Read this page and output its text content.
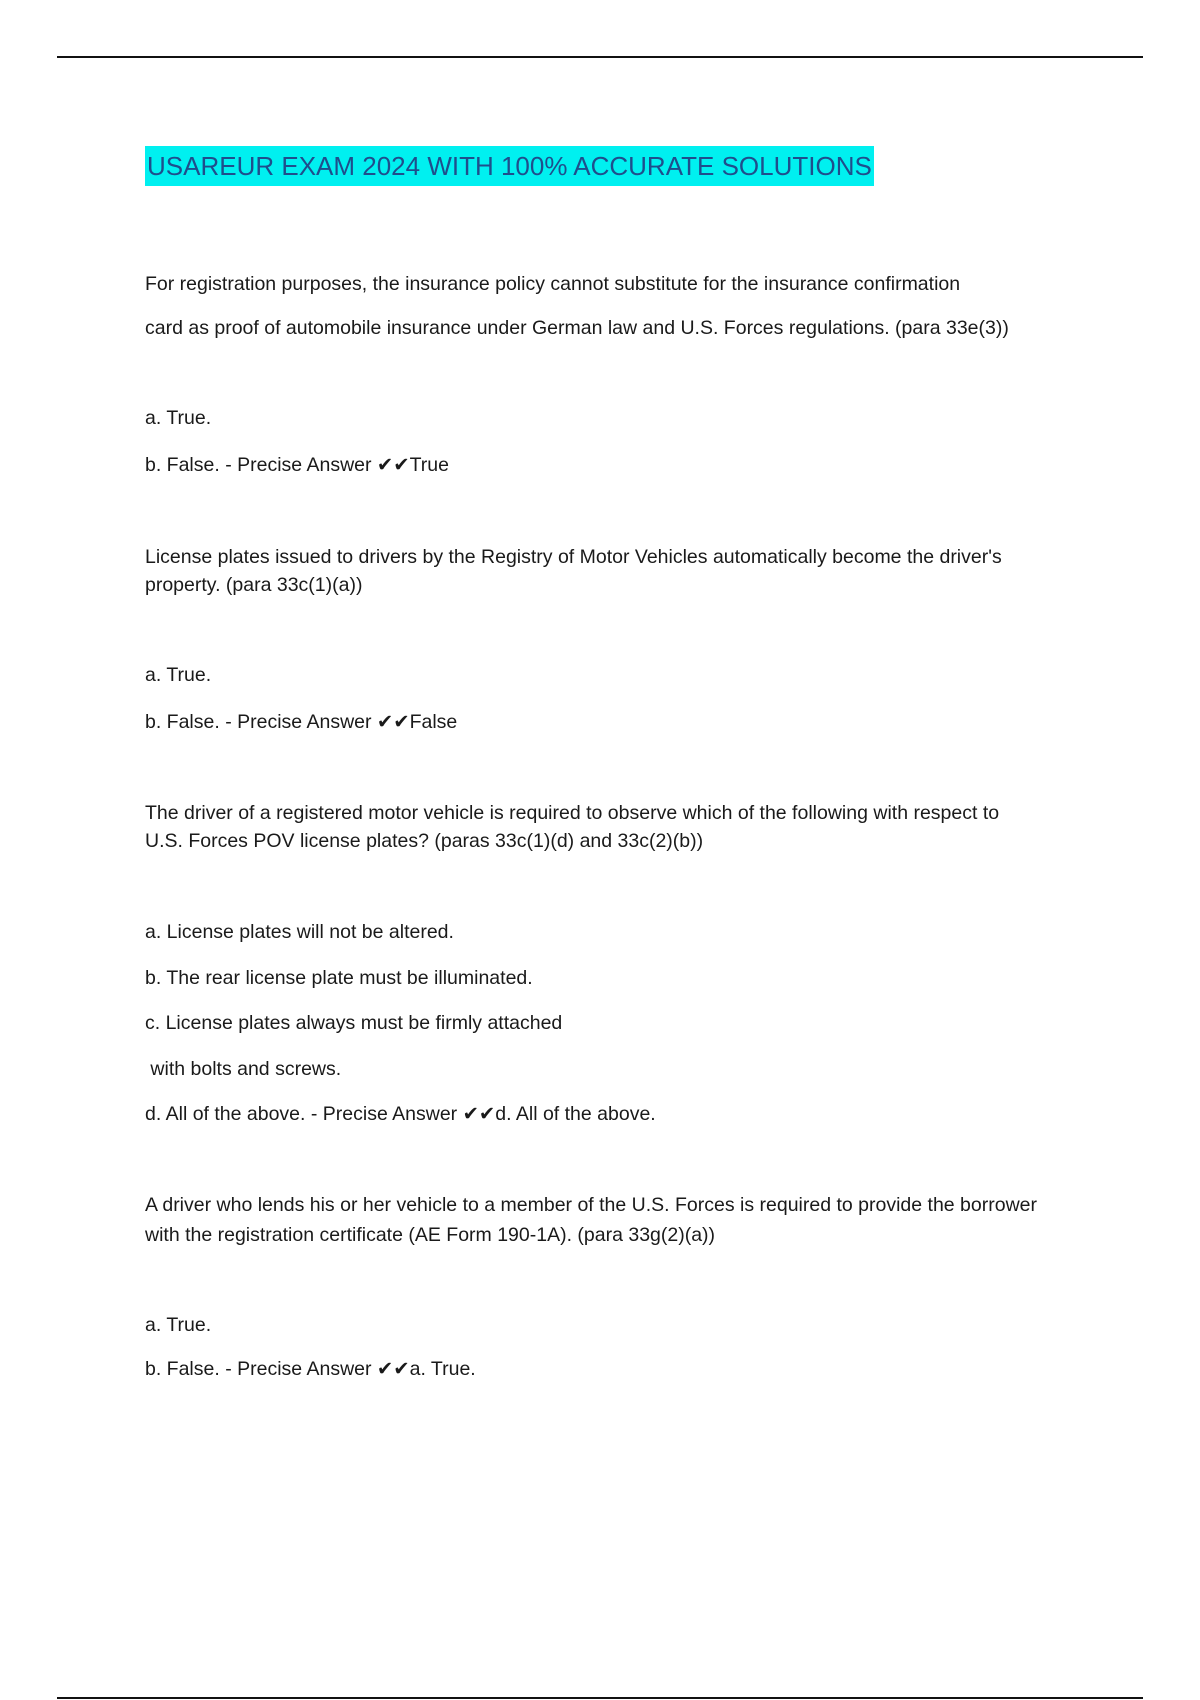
USAREUR EXAM 2024 WITH 100% ACCURATE SOLUTIONS
For registration purposes, the insurance policy cannot substitute for the insurance confirmation
card as proof of automobile insurance under German law and U.S. Forces regulations. (para 33e(3))
a. True.
b. False. - Precise Answer ✔✔True
License plates issued to drivers by the Registry of Motor Vehicles automatically become the driver's
property. (para 33c(1)(a))
a. True.
b. False. - Precise Answer ✔✔False
The driver of a registered motor vehicle is required to observe which of the following with respect to
U.S. Forces POV license plates? (paras 33c(1)(d) and 33c(2)(b))
a. License plates will not be altered.
b. The rear license plate must be illuminated.
c. License plates always must be firmly attached
with bolts and screws.
d. All of the above. - Precise Answer ✔✔d. All of the above.
A driver who lends his or her vehicle to a member of the U.S. Forces is required to provide the borrower
with the registration certificate (AE Form 190-1A). (para 33g(2)(a))
a. True.
b. False. - Precise Answer ✔✔a. True.
